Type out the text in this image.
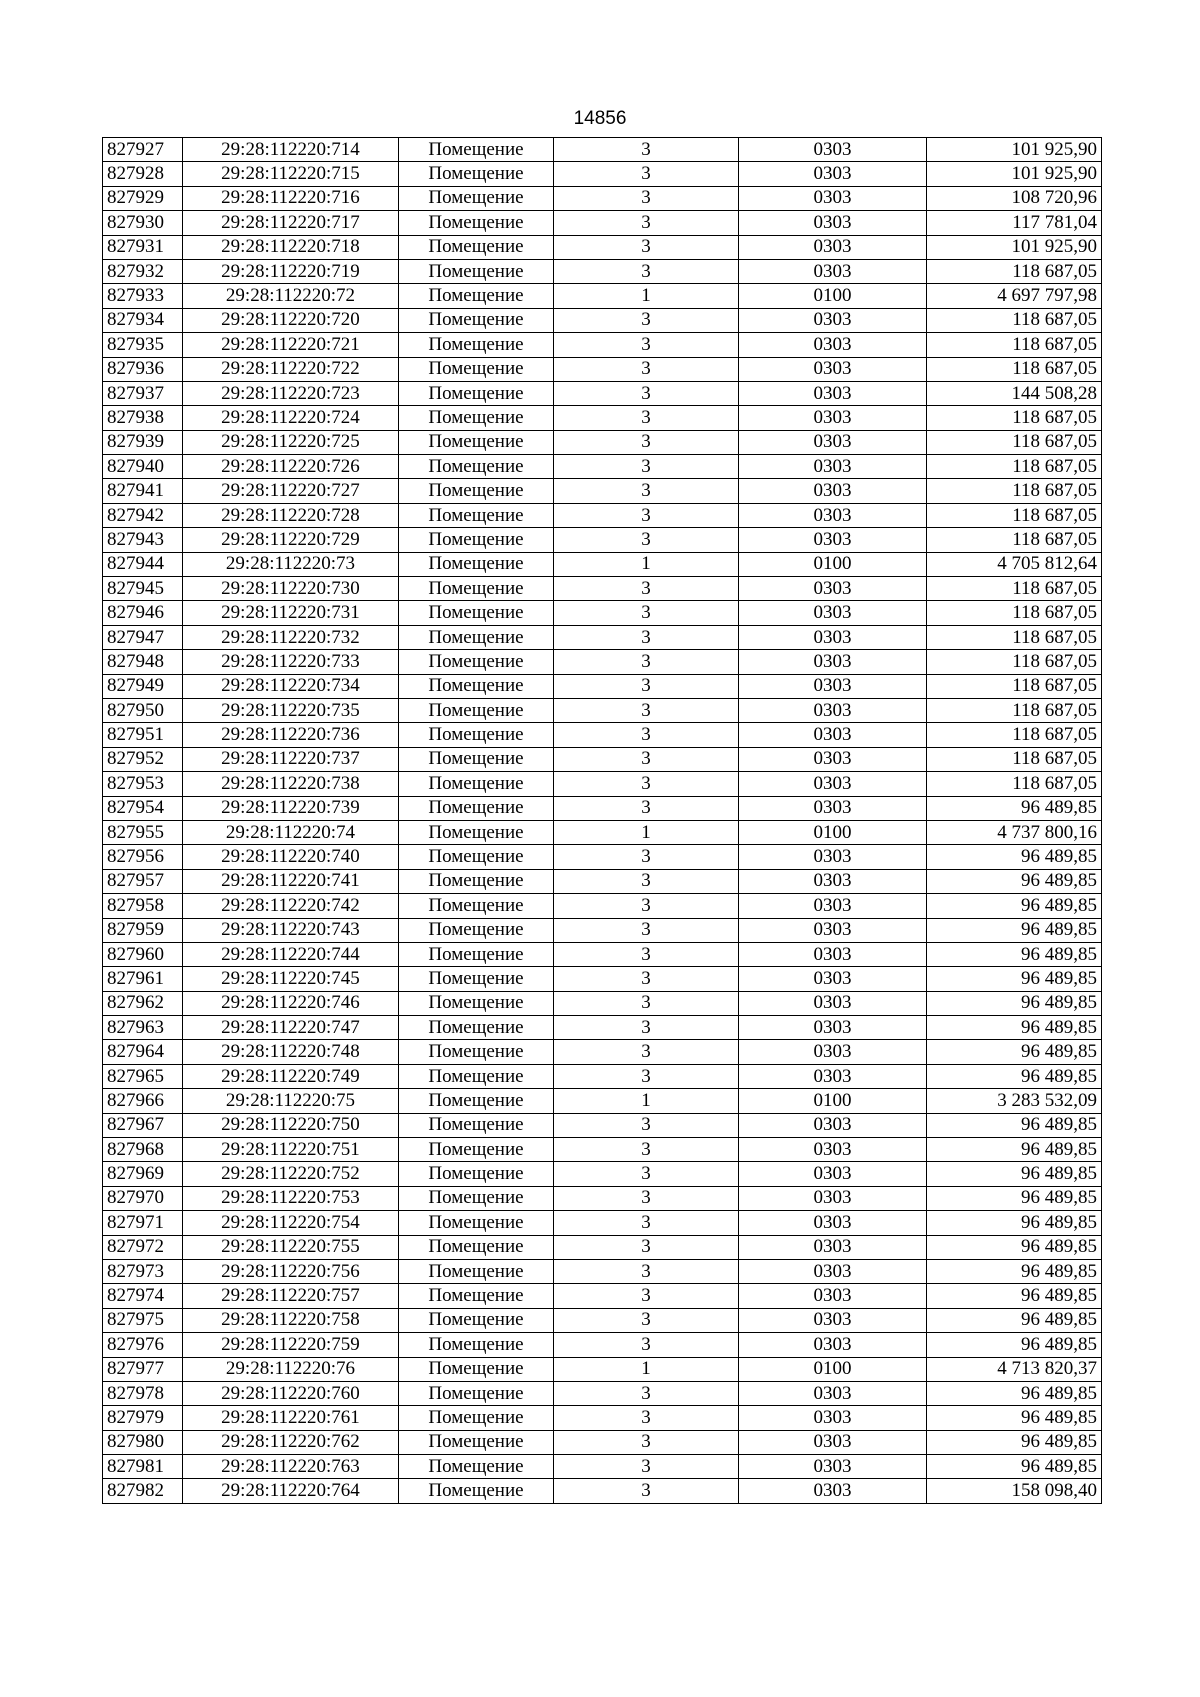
14856
827927	29:28:112220:714	Помещение	3	0303	101 925,90
827928	29:28:112220:715	Помещение	3	0303	101 925,90
827929	29:28:112220:716	Помещение	3	0303	108 720,96
827930	29:28:112220:717	Помещение	3	0303	117 781,04
827931	29:28:112220:718	Помещение	3	0303	101 925,90
827932	29:28:112220:719	Помещение	3	0303	118 687,05
827933	29:28:112220:72	Помещение	1	0100	4 697 797,98
827934	29:28:112220:720	Помещение	3	0303	118 687,05
827935	29:28:112220:721	Помещение	3	0303	118 687,05
827936	29:28:112220:722	Помещение	3	0303	118 687,05
827937	29:28:112220:723	Помещение	3	0303	144 508,28
827938	29:28:112220:724	Помещение	3	0303	118 687,05
827939	29:28:112220:725	Помещение	3	0303	118 687,05
827940	29:28:112220:726	Помещение	3	0303	118 687,05
827941	29:28:112220:727	Помещение	3	0303	118 687,05
827942	29:28:112220:728	Помещение	3	0303	118 687,05
827943	29:28:112220:729	Помещение	3	0303	118 687,05
827944	29:28:112220:73	Помещение	1	0100	4 705 812,64
827945	29:28:112220:730	Помещение	3	0303	118 687,05
827946	29:28:112220:731	Помещение	3	0303	118 687,05
827947	29:28:112220:732	Помещение	3	0303	118 687,05
827948	29:28:112220:733	Помещение	3	0303	118 687,05
827949	29:28:112220:734	Помещение	3	0303	118 687,05
827950	29:28:112220:735	Помещение	3	0303	118 687,05
827951	29:28:112220:736	Помещение	3	0303	118 687,05
827952	29:28:112220:737	Помещение	3	0303	118 687,05
827953	29:28:112220:738	Помещение	3	0303	118 687,05
827954	29:28:112220:739	Помещение	3	0303	96 489,85
827955	29:28:112220:74	Помещение	1	0100	4 737 800,16
827956	29:28:112220:740	Помещение	3	0303	96 489,85
827957	29:28:112220:741	Помещение	3	0303	96 489,85
827958	29:28:112220:742	Помещение	3	0303	96 489,85
827959	29:28:112220:743	Помещение	3	0303	96 489,85
827960	29:28:112220:744	Помещение	3	0303	96 489,85
827961	29:28:112220:745	Помещение	3	0303	96 489,85
827962	29:28:112220:746	Помещение	3	0303	96 489,85
827963	29:28:112220:747	Помещение	3	0303	96 489,85
827964	29:28:112220:748	Помещение	3	0303	96 489,85
827965	29:28:112220:749	Помещение	3	0303	96 489,85
827966	29:28:112220:75	Помещение	1	0100	3 283 532,09
827967	29:28:112220:750	Помещение	3	0303	96 489,85
827968	29:28:112220:751	Помещение	3	0303	96 489,85
827969	29:28:112220:752	Помещение	3	0303	96 489,85
827970	29:28:112220:753	Помещение	3	0303	96 489,85
827971	29:28:112220:754	Помещение	3	0303	96 489,85
827972	29:28:112220:755	Помещение	3	0303	96 489,85
827973	29:28:112220:756	Помещение	3	0303	96 489,85
827974	29:28:112220:757	Помещение	3	0303	96 489,85
827975	29:28:112220:758	Помещение	3	0303	96 489,85
827976	29:28:112220:759	Помещение	3	0303	96 489,85
827977	29:28:112220:76	Помещение	1	0100	4 713 820,37
827978	29:28:112220:760	Помещение	3	0303	96 489,85
827979	29:28:112220:761	Помещение	3	0303	96 489,85
827980	29:28:112220:762	Помещение	3	0303	96 489,85
827981	29:28:112220:763	Помещение	3	0303	96 489,85
827982	29:28:112220:764	Помещение	3	0303	158 098,40
